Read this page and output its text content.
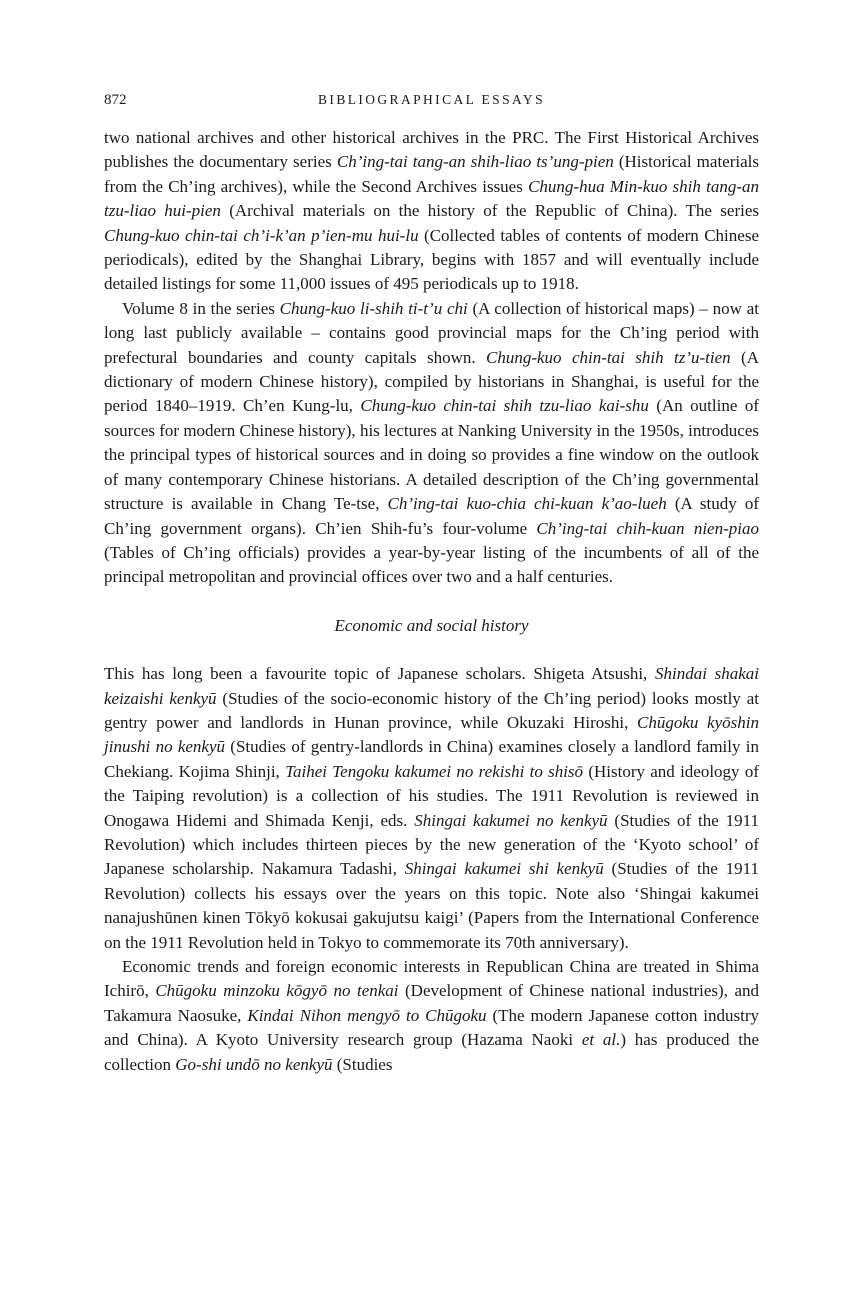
872	BIBLIOGRAPHICAL ESSAYS

two national archives and other historical archives in the PRC. The First Historical Archives publishes the documentary series Ch’ing-tai tang-an shih-liao ts’ung-pien (Historical materials from the Ch’ing archives), while the Second Archives issues Chung-hua Min-kuo shih tang-an tzu-liao hui-pien (Archival materials on the history of the Republic of China). The series Chung-kuo chin-tai ch’i-k’an p’ien-mu hui-lu (Collected tables of contents of modern Chinese periodicals), edited by the Shanghai Library, begins with 1857 and will eventually include detailed listings for some 11,000 issues of 495 periodicals up to 1918.

Volume 8 in the series Chung-kuo li-shih ti-t’u chi (A collection of historical maps) – now at long last publicly available – contains good provincial maps for the Ch’ing period with prefectural boundaries and county capitals shown. Chung-kuo chin-tai shih tz’u-tien (A dictionary of modern Chinese history), compiled by historians in Shanghai, is useful for the period 1840–1919. Ch’en Kung-lu, Chung-kuo chin-tai shih tzu-liao kai-shu (An outline of sources for modern Chinese history), his lectures at Nanking University in the 1950s, introduces the principal types of historical sources and in doing so provides a fine window on the outlook of many contemporary Chinese historians. A detailed description of the Ch’ing governmental structure is available in Chang Te-tse, Ch’ing-tai kuo-chia chi-kuan k’ao-lueh (A study of Ch’ing government organs). Ch’ien Shih-fu’s four-volume Ch’ing-tai chih-kuan nien-piao (Tables of Ch’ing officials) provides a year-by-year listing of the incumbents of all of the principal metropolitan and provincial offices over two and a half centuries.

Economic and social history

This has long been a favourite topic of Japanese scholars. Shigeta Atsushi, Shindai shakai keizaishi kenkyū (Studies of the socio-economic history of the Ch’ing period) looks mostly at gentry power and landlords in Hunan province, while Okuzaki Hiroshi, Chūgoku kyōshin jinushi no kenkyū (Studies of gentry-landlords in China) examines closely a landlord family in Chekiang. Kojima Shinji, Taihei Tengoku kakumei no rekishi to shisō (History and ideology of the Taiping revolution) is a collection of his studies. The 1911 Revolution is reviewed in Onogawa Hidemi and Shimada Kenji, eds. Shingai kakumei no kenkyū (Studies of the 1911 Revolution) which includes thirteen pieces by the new generation of the ‘Kyoto school’ of Japanese scholarship. Nakamura Tadashi, Shingai kakumei shi kenkyū (Studies of the 1911 Revolution) collects his essays over the years on this topic. Note also ‘Shingai kakumei nanajushūnen kinen Tōkyō kokusai gakujutsu kaigi’ (Papers from the International Conference on the 1911 Revolution held in Tokyo to commemorate its 70th anniversary).

Economic trends and foreign economic interests in Republican China are treated in Shima Ichirō, Chūgoku minzoku kōgyō no tenkai (Development of Chinese national industries), and Takamura Naosuke, Kindai Nihon mengyō to Chūgoku (The modern Japanese cotton industry and China). A Kyoto University research group (Hazama Naoki et al.) has produced the collection Go-shi undō no kenkyū (Studies
